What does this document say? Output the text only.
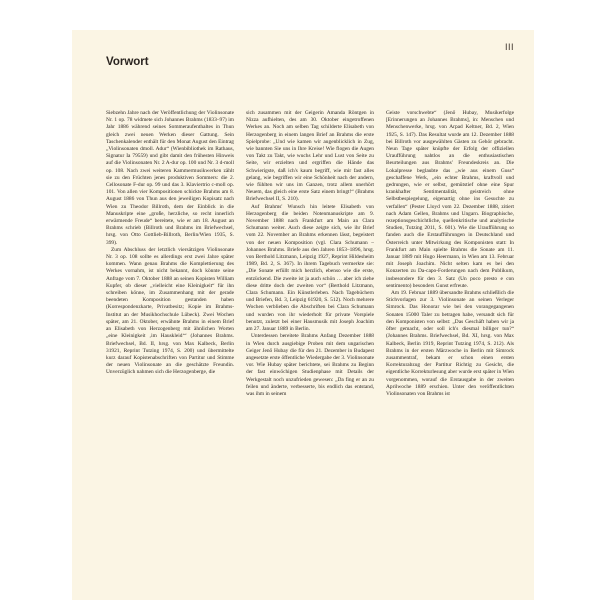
III
Vorwort

Siebzehn Jahre nach der Veröffentlichung der Violinsonate Nr. 1 op. 78 widmete sich Johannes Brahms (1833–97) im Jahr 1886 während seines Sommeraufenthaltes in Thun gleich zwei neuen Werken dieser Gattung. Sein Taschenkalender enthält für den Monat August den Eintrag „Violinsonaten dmoll. Adur“ (Wienbibliothek im Rathaus, Signatur Ia 79559) und gibt damit den frühesten Hinweis auf die Violinsonaten Nr. 2 A-dur op. 100 und Nr. 3 d-moll op. 108. Nach zwei weiteren Kammermusikwerken zählt sie zu den Früchten jenes produktiven Sommers: die 2. Cellosonate F-dur op. 99 und das 3. Klaviertrio c-moll op. 101. Von allen vier Kompositionen schickte Brahms am 8. August 1886 von Thun aus den jeweiligen Kopisatz nach Wien zu Theodor Billroth, dem der Einblick in die Manuskripte eine „große, herzliche, so recht innerlich erwärmende Freude“ bereitete, wie er am 18. August an Brahms schrieb (Billroth und Brahms im Briefwechsel, hrsg. von Otto Gottlieb-Billroth, Berlin/Wien 1935, S. 399).

Zum Abschluss der letztlich viersätzigen Violinsonate Nr. 3 op. 108 sollte es allerdings erst zwei Jahre später kommen. Wann genau Brahms die Komplettierung des Werkes vornahm, ist nicht bekannt, doch könnte seine Anfrage vom 7. Oktober 1888 an seinen Kopisten William Kupfer, ob dieser „vielleicht eine Kleinigkeit“ für ihn schreiben könne, im Zusammenhang mit der gerade beendeten Komposition gestanden haben (Korrespondenzkarte, Privatbesitz; Kopie im Brahms-Institut an der Musikhochschule Lübeck). Zwei Wochen später, am 21. Oktober, erwähnte Brahms in einem Brief an Elisabeth von Herzogenberg mit ähnlichen Worten „eine Kleinigkeit ‚im Hauskleid‘“ (Johannes Brahms. Briefwechsel, Bd. II, hrsg. von Max Kalbeck, Berlin 31921, Reprint Tutzing 1974, S. 200) und übermittelte kurz darauf Kopistenabschriften von Partitur und Stimme der neuen Violinsonate an die geschätzte Freundin. Unverzüglich nahmen sich die Herzogenberge, die

sich zusammen mit der Geigerin Amanda Röntgen in Nizza aufhielten, des am 30. Oktober eingetroffenen Werkes an. Noch am selben Tag schilderte Elisabeth von Herzogenberg in einem langen Brief an Brahms die erste Spielprobe: „Und wie kamen wir augenblicklich in Zug, wie bannten Sie uns in Ihre Kreise! Wie flogen die Augen von Takt zu Takt, wie wuchs Lehr und Lust von Seite zu Seite, wir erzielten und ergriffen die Hände das Schwierigste, daß ich's kaum begriff, wie mir fast alles gelang, wie begriffen wir eine Schönheit nach der andern, wie fühlten wir uns im Ganzen, trotz allem unerhört Neuem, das gleich eine erste Satz einem bringt!“ (Brahms Briefwechsel II, S. 210).

Auf Brahms' Wunsch hin leitete Elisabeth von Herzogenberg die beiden Notenmanuskripte am 9. November 1888 nach Frankfurt am Main an Clara Schumann weiter. Auch diese zeigte sich, wie ihr Brief vom 22. November an Brahms erkennen lässt, begeistert von der neuen Komposition (vgl. Clara Schumann – Johannes Brahms. Briefe aus den Jahren 1853–1896, hrsg. von Berthold Litzmann, Leipzig 1927, Reprint Hildesheim 1989, Bd. 2, S. 367). In ihrem Tagebuch vermerkte sie: „Die Sonate erfüllt mich herzlich, ebenso wie die erste, entzückend. Die zweite ist ja auch schön … aber ich ziehe diese dritte doch der zweiten vor“ (Berthold Litzmann, Clara Schumann. Ein Künstlerleben. Nach Tagebüchern und Briefen, Bd. 3, Leipzig 61920, S. 512). Noch mehrere Wochen verblieben die Abschriften bei Clara Schumann und wurden von ihr wiederholt für private Vorspiele benutzt, zuletzt bei einer Hausmusik mit Joseph Joachim am 27. Januar 1889 in Berlin.

Unterdessen bereitete Brahms Anfang Dezember 1888 in Wien durch ausgiebige Proben mit dem ungarischen Geiger Jenő Hubay die für den 21. Dezember in Budapest angesetzte erste öffentliche Wiedergabe der 3. Violinsonate vor. Wie Hubay später berichtete, sei Brahms zu Beginn der fast einwöchigen Studienphase mit Details der Werkgestalt noch unzufrieden gewesen: „Da fing er an zu feilen und änderte, verbesserte, bis endlich das entstand, was ihm in seinem

Geiste vorschwebte“ (Jenő Hubay, Musikerfolge [Erinnerungen an Johannes Brahms], in: Menschen und Menschenwerke, hrsg. von Arpad Keltner, Bd. 2, Wien 1925, S. 147). Das Resultat wurde am 12. Dezember 1888 bei Billroth vor ausgewählten Gästen zu Gehör gebracht. Neun Tage später knüpfte der Erfolg der offiziellen Uraufführung nahtlos an die enthusiastischen Beurteilungen aus Brahms' Freundeskreis an. Die Lokalpresse beglaubte das „wie aus einem Guss“ geschaffene Werk, „ein echter Brahms, kraftvoll und gedrungen, wie er selbst, gemütstief ohne eine Spur krankhafter Sentimentalität, geistreich ohne Selbstbespiegelung, eigenartig ohne ins Gesuchte zu verfallen“ (Pester Lloyd vom 22. Dezember 1888, zitiert nach Adam Gellen, Brahms und Ungarn. Biographische, rezeptionsgeschichtliche, quellenkritische und analytische Studien, Tutzing 2011, S. 601). Wie die Uraufführung so fanden auch die Erstaufführungen in Deutschland und Österreich unter Mitwirkung des Komponisten statt: In Frankfurt am Main spielte Brahms die Sonate am 11. Januar 1889 mit Hugo Heermann, in Wien am 13. Februar mit Joseph Joachim. Nicht selten kam es bei den Konzerten zu Da-capo-Forderungen nach dem Publikum, insbesondere für den 3. Satz (Un poco presto e con sentimento) besonders Gunst erfreute.

Am 19. Februar 1889 übersandte Brahms schließlich die Stichvorlagen zur 3. Violinsonate an seinen Verleger Simrock. Das Honorar wie bei den vorangegangenen Sonaten 15000 Taler zu betragen habe, versandt sich für den Komponisten von selbst: „Das Geschäft haben wir ja öfter gemacht, oder soll ich's diesmal billiger tun?“ (Johannes Brahms. Briefwechsel, Bd. XI, hrsg. von Max Kalbeck, Berlin 1919, Reprint Tutzing 1974, S. 212). Als Brahms in der ersten Märzwoche in Berlin mit Simrock zusammentraf, bekam er schon einen ersten Korrekturabzug der Partitur Richtig zu Gesicht, die eigentliche Korrekturlesung aber wurde erst später in Wien vorgenommen, worauf die Erstausgabe in der zweiten Aprilwoche 1889 erschien. Unter den veröffentlichten Violinsonaten von Brahms ist
